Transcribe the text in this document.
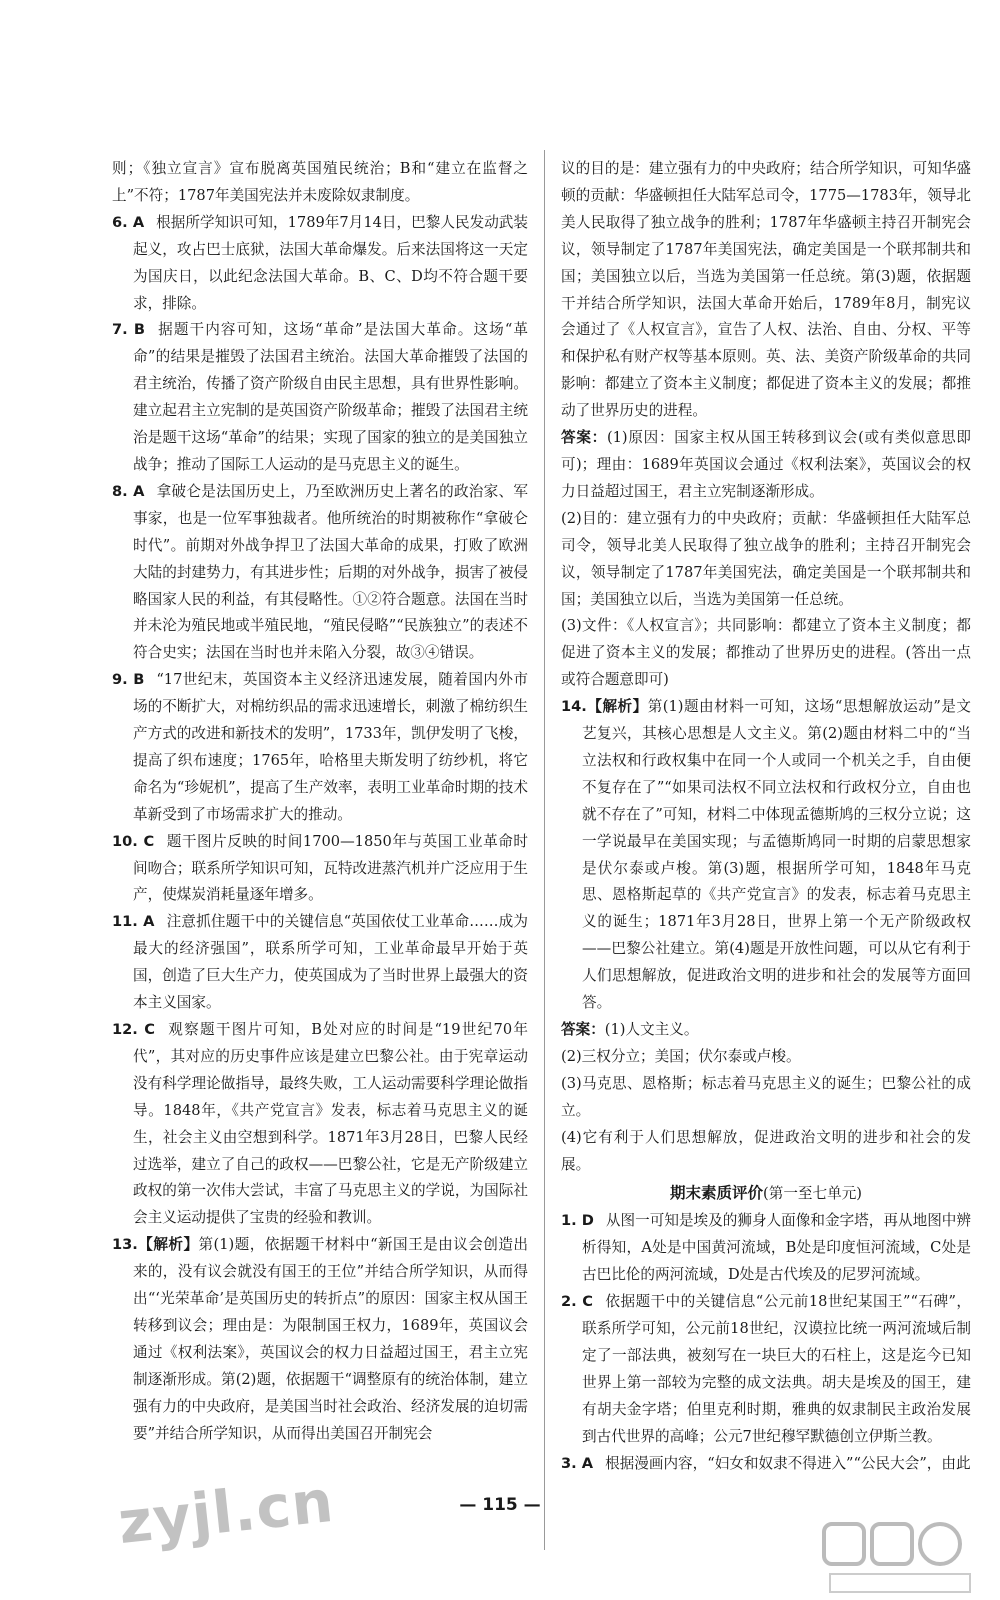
则；《独立宣言》宣布脱离英国殖民统治；B和“建立在监督之上”不符；1787年美国宪法并未废除奴隶制度。

6. A 根据所学知识可知，1789年7月14日，巴黎人民发动武装起义，攻占巴士底狱，法国大革命爆发。后来法国将这一天定为国庆日，以此纪念法国大革命。B、C、D均不符合题干要求，排除。

7. B 据题干内容可知，这场“革命”是法国大革命。这场“革命”的结果是摧毁了法国君主统治。法国大革命摧毁了法国的君主统治，传播了资产阶级自由民主思想，具有世界性影响。建立起君主立宪制的是英国资产阶级革命；摧毁了法国君主统治是题干这场“革命”的结果；实现了国家的独立的是美国独立战争；推动了国际工人运动的是马克思主义的诞生。

8. A 拿破仑是法国历史上，乃至欧洲历史上著名的政治家、军事家，也是一位军事独裁者。他所统治的时期被称作“拿破仑时代”。前期对外战争捍卫了法国大革命的成果，打败了欧洲大陆的封建势力，有其进步性；后期的对外战争，损害了被侵略国家人民的利益，有其侵略性。①②符合题意。法国在当时并未沦为殖民地或半殖民地，“殖民侵略”“民族独立”的表述不符合史实；法国在当时也并未陷入分裂，故③④错误。

9. B “17世纪末，英国资本主义经济迅速发展，随着国内外市场的不断扩大，对棉纺织品的需求迅速增长，刺激了棉纺织生产方式的改进和新技术的发明”，1733年，凯伊发明了飞梭，提高了织布速度；1765年，哈格里夫斯发明了纺纱机，将它命名为“珍妮机”，提高了生产效率，表明工业革命时期的技术革新受到了市场需求扩大的推动。

10. C 题干图片反映的时间1700—1850年与英国工业革命时间吻合；联系所学知识可知，瓦特改进蒸汽机并广泛应用于生产，使煤炭消耗量逐年增多。

11. A 注意抓住题干中的关键信息“英国依仗工业革命……成为最大的经济强国”，联系所学可知，工业革命最早开始于英国，创造了巨大生产力，使英国成为了当时世界上最强大的资本主义国家。

12. C 观察题干图片可知，B处对应的时间是“19世纪70年代”，其对应的历史事件应该是建立巴黎公社。由于宪章运动没有科学理论做指导，最终失败，工人运动需要科学理论做指导。1848年，《共产党宣言》发表，标志着马克思主义的诞生，社会主义由空想到科学。1871年3月28日，巴黎人民经过选举，建立了自己的政权——巴黎公社，它是无产阶级建立政权的第一次伟大尝试，丰富了马克思主义的学说，为国际社会主义运动提供了宝贵的经验和教训。

13.【解析】第(1)题，依据题干材料中“新国王是由议会创造出来的，没有议会就没有国王的王位”并结合所学知识，从而得出“‘光荣革命’是英国历史的转折点”的原因：国家主权从国王转移到议会；理由是：为限制国王权力，1689年，英国议会通过《权利法案》，英国议会的权力日益超过国王，君主立宪制逐渐形成。第(2)题，依据题干“调整原有的统治体制，建立强有力的中央政府，是美国当时社会政治、经济发展的迫切需要”并结合所学知识，从而得出美国召开制宪会

议的目的是：建立强有力的中央政府；结合所学知识，可知华盛顿的贡献：华盛顿担任大陆军总司令，1775—1783年，领导北美人民取得了独立战争的胜利；1787年华盛顿主持召开制宪会议，领导制定了1787年美国宪法，确定美国是一个联邦制共和国；美国独立以后，当选为美国第一任总统。第(3)题，依据题干并结合所学知识，法国大革命开始后，1789年8月，制宪议会通过了《人权宣言》，宣告了人权、法治、自由、分权、平等和保护私有财产权等基本原则。英、法、美资产阶级革命的共同影响：都建立了资本主义制度；都促进了资本主义的发展；都推动了世界历史的进程。

答案：(1)原因：国家主权从国王转移到议会(或有类似意思即可)；理由：1689年英国议会通过《权利法案》，英国议会的权力日益超过国王，君主立宪制逐渐形成。

(2)目的：建立强有力的中央政府；贡献：华盛顿担任大陆军总司令，领导北美人民取得了独立战争的胜利；主持召开制宪会议，领导制定了1787年美国宪法，确定美国是一个联邦制共和国；美国独立以后，当选为美国第一任总统。

(3)文件：《人权宣言》；共同影响：都建立了资本主义制度；都促进了资本主义的发展；都推动了世界历史的进程。(答出一点或符合题意即可)

14.【解析】第(1)题由材料一可知，这场“思想解放运动”是文艺复兴，其核心思想是人文主义。第(2)题由材料二中的“当立法权和行政权集中在同一个人或同一个机关之手，自由便不复存在了”“如果司法权不同立法权和行政权分立，自由也就不存在了”可知，材料二中体现孟德斯鸠的三权分立说；这一学说最早在美国实现；与孟德斯鸠同一时期的启蒙思想家是伏尔泰或卢梭。第(3)题，根据所学可知，1848年马克思、恩格斯起草的《共产党宣言》的发表，标志着马克思主义的诞生；1871年3月28日，世界上第一个无产阶级政权——巴黎公社建立。第(4)题是开放性问题，可以从它有利于人们思想解放，促进政治文明的进步和社会的发展等方面回答。

答案：(1)人文主义。

(2)三权分立；美国；伏尔泰或卢梭。

(3)马克思、恩格斯；标志着马克思主义的诞生；巴黎公社的成立。

(4)它有利于人们思想解放，促进政治文明的进步和社会的发展。

期末素质评价(第一至七单元)

1. D 从图一可知是埃及的狮身人面像和金字塔，再从地图中辨析得知，A处是中国黄河流域，B处是印度恒河流域，C处是古巴比伦的两河流域，D处是古代埃及的尼罗河流域。

2. C 依据题干中的关键信息“公元前18世纪某国王”“石碑”，联系所学可知，公元前18世纪，汉谟拉比统一两河流域后制定了一部法典，被刻写在一块巨大的石柱上，这是迄今已知世界上第一部较为完整的成文法典。胡夫是埃及的国王，建有胡夫金字塔；伯里克利时期，雅典的奴隶制民主政治发展到古代世界的高峰；公元7世纪穆罕默德创立伊斯兰教。

3. A 根据漫画内容，“妇女和奴隶不得进入”“公民大会”，由此

— 115 —
zyjl.cn
